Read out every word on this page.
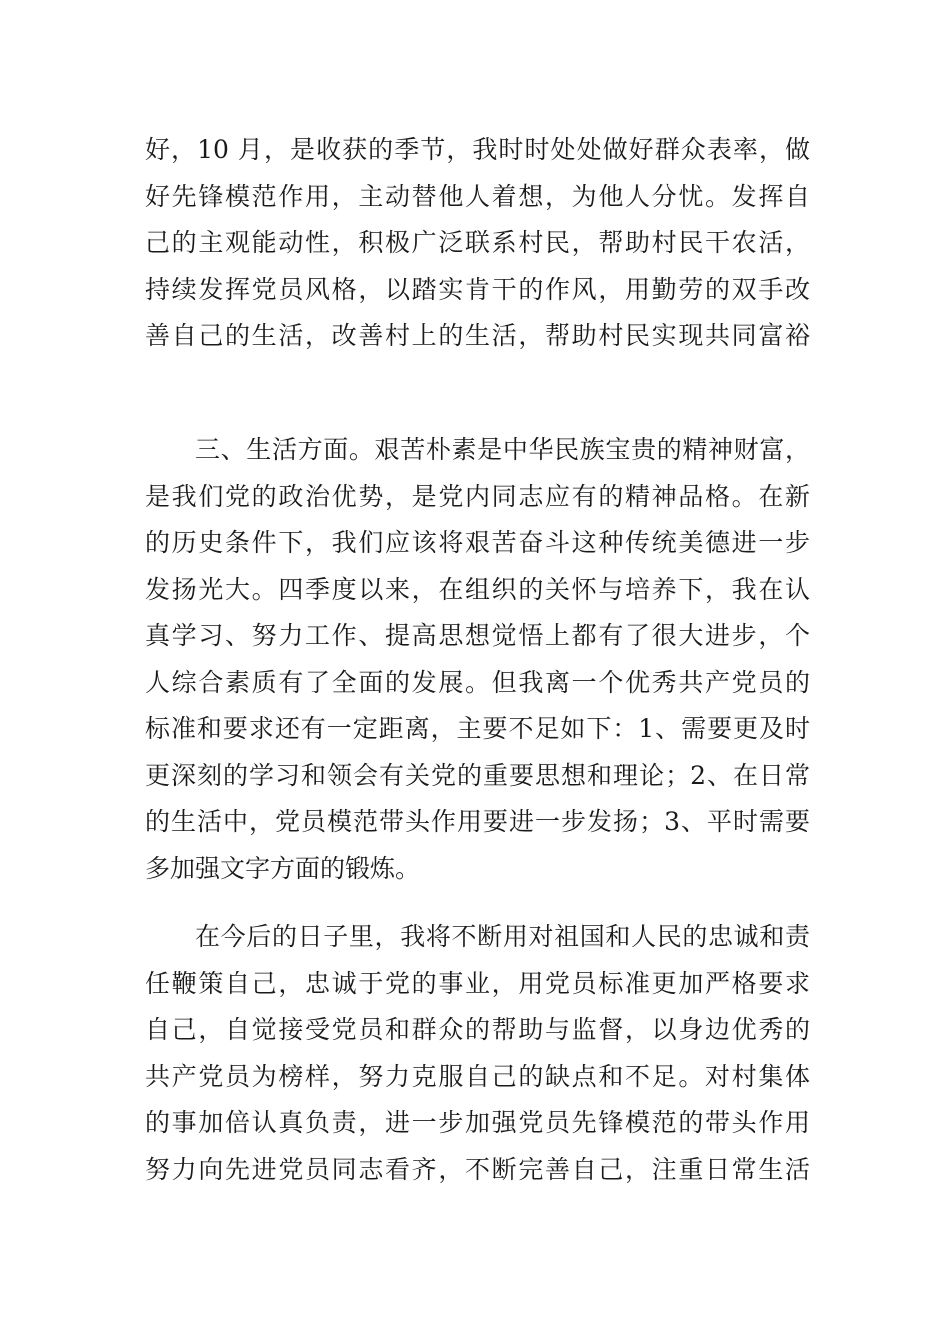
好，10 月，是收获的季节，我时时处处做好群众表率，做
好先锋模范作用，主动替他人着想，为他人分忧。发挥自
己的主观能动性，积极广泛联系村民，帮助村民干农活，
持续发挥党员风格，以踏实肯干的作风，用勤劳的双手改
善自己的生活，改善村上的生活，帮助村民实现共同富裕
三、生活方面。艰苦朴素是中华民族宝贵的精神财富，
是我们党的政治优势，是党内同志应有的精神品格。在新
的历史条件下，我们应该将艰苦奋斗这种传统美德进一步
发扬光大。四季度以来，在组织的关怀与培养下，我在认
真学习、努力工作、提高思想觉悟上都有了很大进步，个
人综合素质有了全面的发展。但我离一个优秀共产党员的
标准和要求还有一定距离，主要不足如下：1、需要更及时
更深刻的学习和领会有关党的重要思想和理论；2、在日常
的生活中，党员模范带头作用要进一步发扬；3、平时需要
多加强文字方面的锻炼。
在今后的日子里，我将不断用对祖国和人民的忠诚和责
任鞭策自己，忠诚于党的事业，用党员标准更加严格要求
自己，自觉接受党员和群众的帮助与监督，以身边优秀的
共产党员为榜样，努力克服自己的缺点和不足。对村集体
的事加倍认真负责，进一步加强党员先锋模范的带头作用
努力向先进党员同志看齐，不断完善自己，注重日常生活
